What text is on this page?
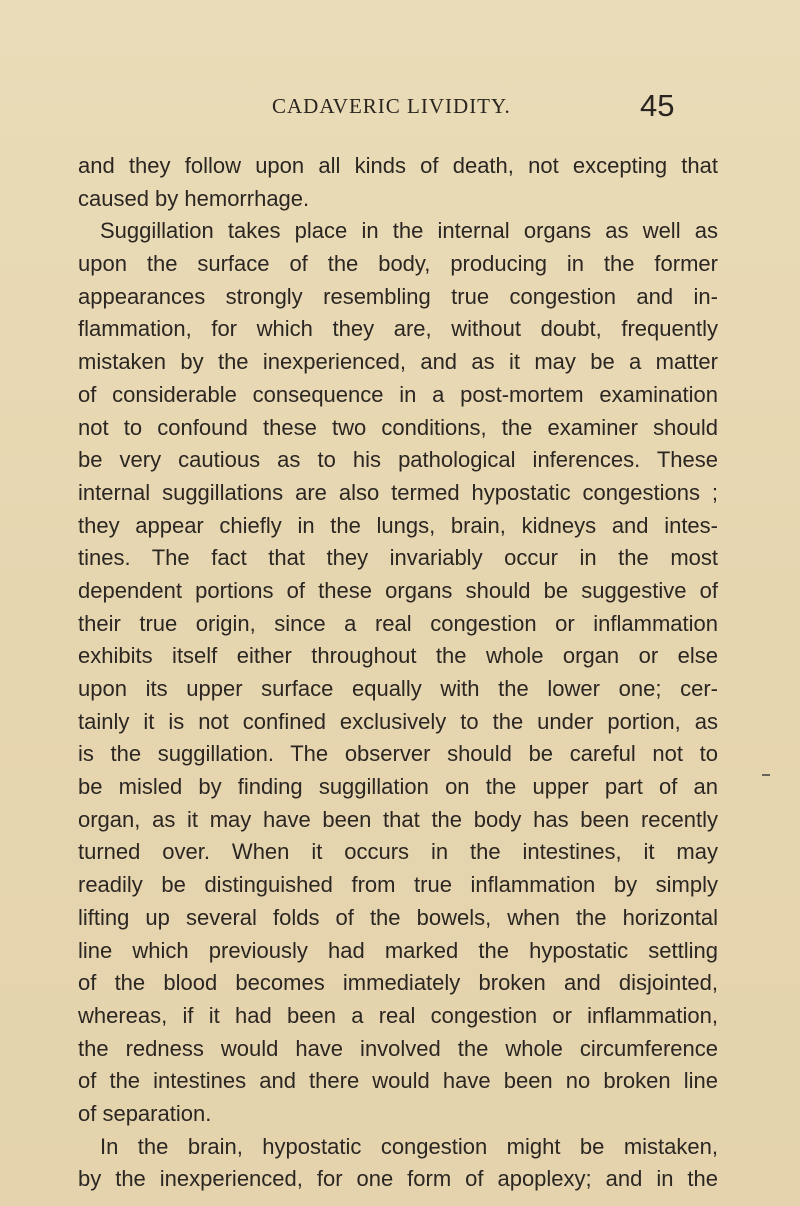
CADAVERIC LIVIDITY.	45
and they follow upon all kinds of death, not excepting that
caused by hemorrhage.
Suggillation takes place in the internal organs as well as
upon the surface of the body, producing in the former
appearances strongly resembling true congestion and in-
flammation, for which they are, without doubt, frequently
mistaken by the inexperienced, and as it may be a matter
of considerable consequence in a post-mortem examination
not to confound these two conditions, the examiner should
be very cautious as to his pathological inferences. These
internal suggillations are also termed hypostatic congestions ;
they appear chiefly in the lungs, brain, kidneys and intes-
tines. The fact that they invariably occur in the most
dependent portions of these organs should be suggestive of
their true origin, since a real congestion or inflammation
exhibits itself either throughout the whole organ or else
upon its upper surface equally with the lower one; cer-
tainly it is not confined exclusively to the under portion, as
is the suggillation. The observer should be careful not to
be misled by finding suggillation on the upper part of an
organ, as it may have been that the body has been recently
turned over. When it occurs in the intestines, it may
readily be distinguished from true inflammation by simply
lifting up several folds of the bowels, when the horizontal
line which previously had marked the hypostatic settling
of the blood becomes immediately broken and disjointed,
whereas, if it had been a real congestion or inflammation,
the redness would have involved the whole circumference
of the intestines and there would have been no broken line
of separation.
In the brain, hypostatic congestion might be mistaken,
by the inexperienced, for one form of apoplexy; and in the
